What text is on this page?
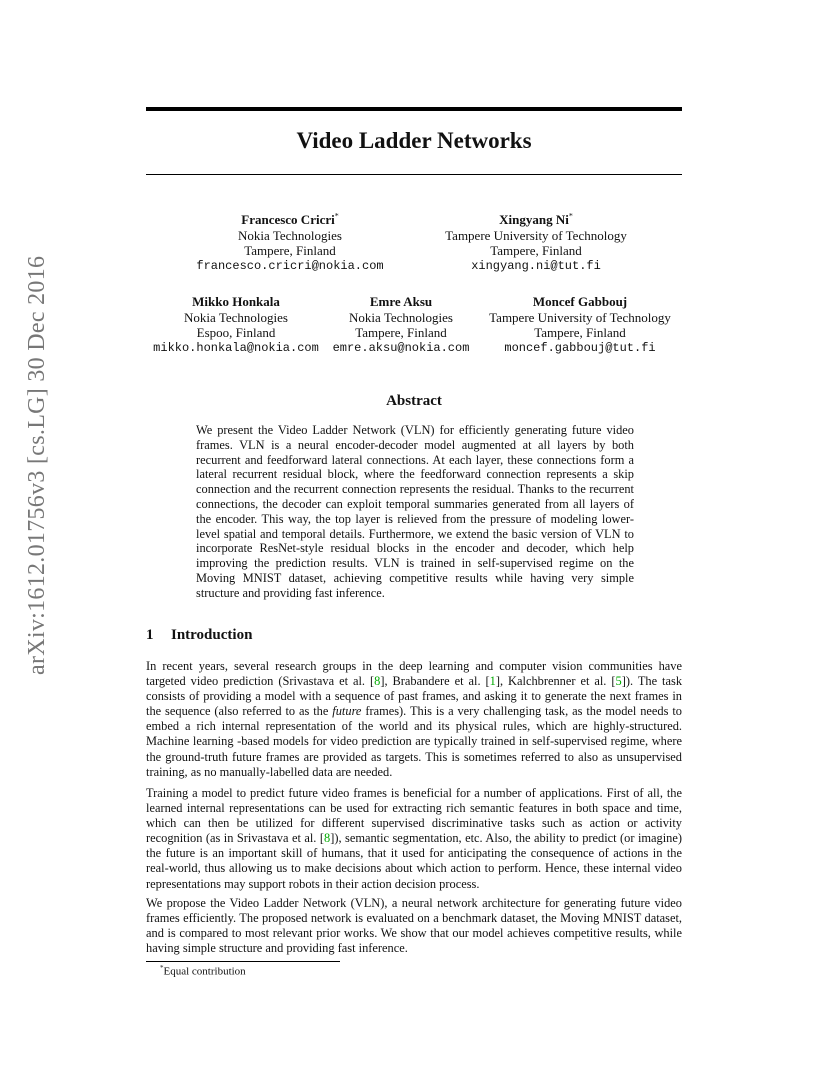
arXiv:1612.01756v3 [cs.LG] 30 Dec 2016
Video Ladder Networks
Francesco Cricri*
Nokia Technologies
Tampere, Finland
francesco.cricri@nokia.com
Xingyang Ni*
Tampere University of Technology
Tampere, Finland
xingyang.ni@tut.fi
Mikko Honkala
Nokia Technologies
Espoo, Finland
mikko.honkala@nokia.com
Emre Aksu
Nokia Technologies
Tampere, Finland
emre.aksu@nokia.com
Moncef Gabbouj
Tampere University of Technology
Tampere, Finland
moncef.gabbouj@tut.fi
Abstract
We present the Video Ladder Network (VLN) for efficiently generating future video frames. VLN is a neural encoder-decoder model augmented at all layers by both recurrent and feedforward lateral connections. At each layer, these connections form a lateral recurrent residual block, where the feedforward connection represents a skip connection and the recurrent connection represents the residual. Thanks to the recurrent connections, the decoder can exploit temporal summaries generated from all layers of the encoder. This way, the top layer is relieved from the pressure of modeling lower-level spatial and temporal details. Furthermore, we extend the basic version of VLN to incorporate ResNet-style residual blocks in the encoder and decoder, which help improving the prediction results. VLN is trained in self-supervised regime on the Moving MNIST dataset, achieving competitive results while having very simple structure and providing fast inference.
1 Introduction
In recent years, several research groups in the deep learning and computer vision communities have targeted video prediction (Srivastava et al. [8], Brabandere et al. [1], Kalchbrenner et al. [5]). The task consists of providing a model with a sequence of past frames, and asking it to generate the next frames in the sequence (also referred to as the future frames). This is a very challenging task, as the model needs to embed a rich internal representation of the world and its physical rules, which are highly-structured. Machine learning -based models for video prediction are typically trained in self-supervised regime, where the ground-truth future frames are provided as targets. This is sometimes referred to also as unsupervised training, as no manually-labelled data are needed.
Training a model to predict future video frames is beneficial for a number of applications. First of all, the learned internal representations can be used for extracting rich semantic features in both space and time, which can then be utilized for different supervised discriminative tasks such as action or activity recognition (as in Srivastava et al. [8]), semantic segmentation, etc. Also, the ability to predict (or imagine) the future is an important skill of humans, that it used for anticipating the consequence of actions in the real-world, thus allowing us to make decisions about which action to perform. Hence, these internal video representations may support robots in their action decision process.
We propose the Video Ladder Network (VLN), a neural network architecture for generating future video frames efficiently. The proposed network is evaluated on a benchmark dataset, the Moving MNIST dataset, and is compared to most relevant prior works. We show that our model achieves competitive results, while having simple structure and providing fast inference.
*Equal contribution
